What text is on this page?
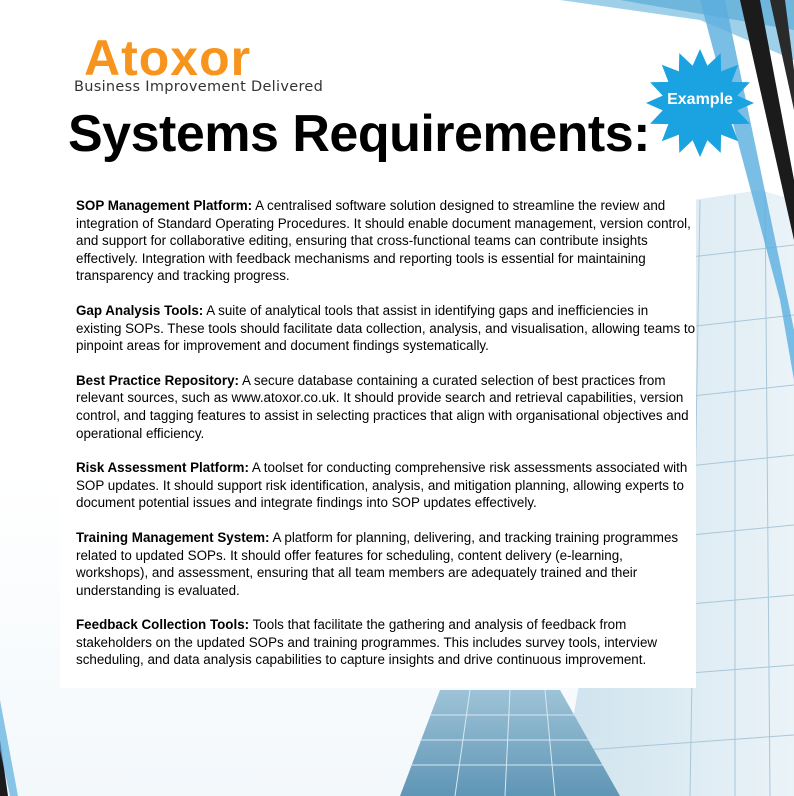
Atoxor
Business Improvement Delivered
Systems Requirements:
Example

SOP Management Platform: A centralised software solution designed to streamline the review and integration of Standard Operating Procedures. It should enable document management, version control, and support for collaborative editing, ensuring that cross-functional teams can contribute insights effectively. Integration with feedback mechanisms and reporting tools is essential for maintaining transparency and tracking progress.

Gap Analysis Tools: A suite of analytical tools that assist in identifying gaps and inefficiencies in existing SOPs. These tools should facilitate data collection, analysis, and visualisation, allowing teams to pinpoint areas for improvement and document findings systematically.

Best Practice Repository: A secure database containing a curated selection of best practices from relevant sources, such as www.atoxor.co.uk. It should provide search and retrieval capabilities, version control, and tagging features to assist in selecting practices that align with organisational objectives and operational efficiency.

Risk Assessment Platform: A toolset for conducting comprehensive risk assessments associated with SOP updates. It should support risk identification, analysis, and mitigation planning, allowing experts to document potential issues and integrate findings into SOP updates effectively.

Training Management System: A platform for planning, delivering, and tracking training programmes related to updated SOPs. It should offer features for scheduling, content delivery (e-learning, workshops), and assessment, ensuring that all team members are adequately trained and their understanding is evaluated.

Feedback Collection Tools: Tools that facilitate the gathering and analysis of feedback from stakeholders on the updated SOPs and training programmes. This includes survey tools, interview scheduling, and data analysis capabilities to capture insights and drive continuous improvement.
